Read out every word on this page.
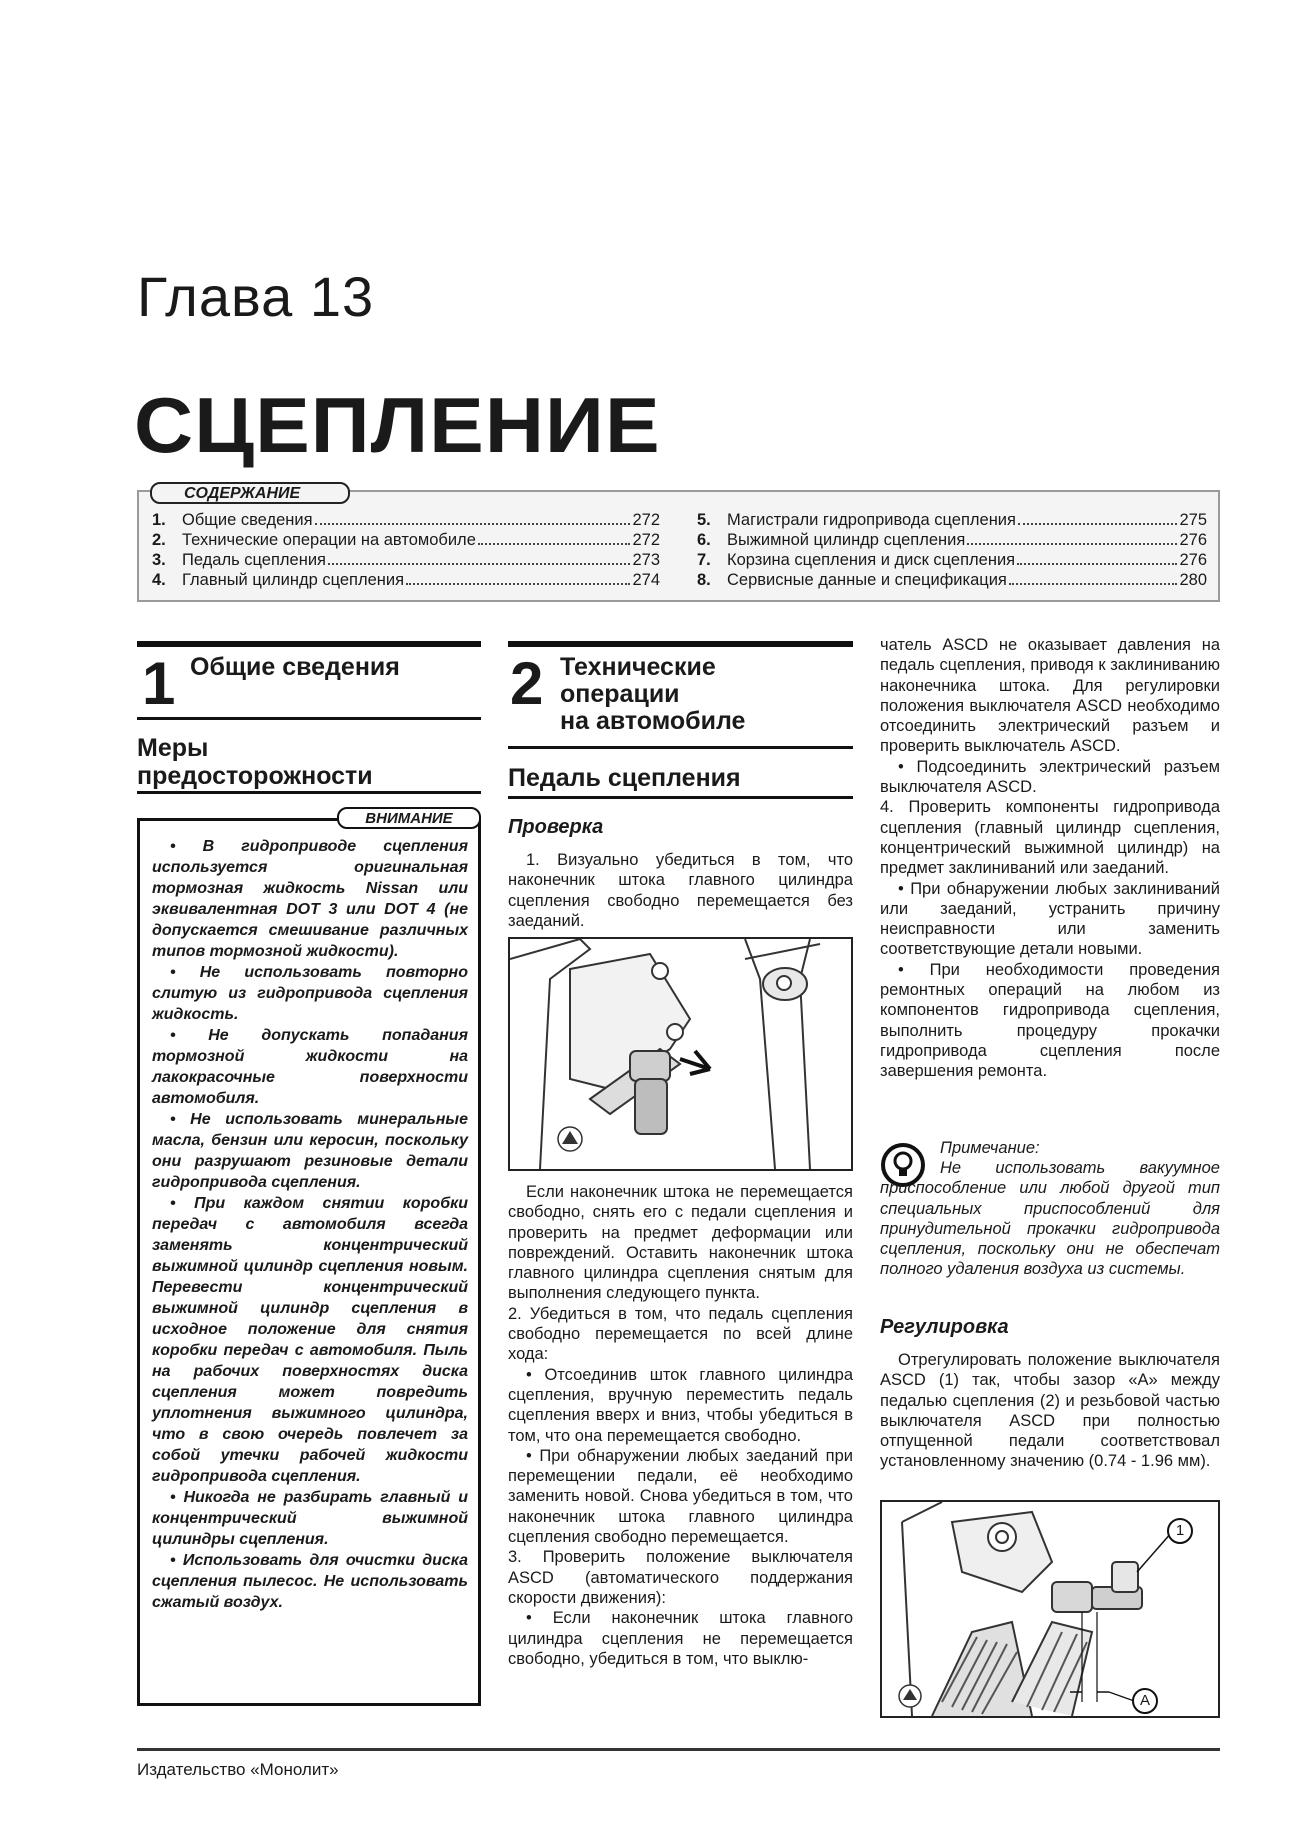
Глава 13
СЦЕПЛЕНИЕ
СОДЕРЖАНИЕ
1. Общие сведения	272
2. Технические операции на автомобиле	272
3. Педаль сцепления	273
4. Главный цилиндр сцепления	274
5. Магистрали гидропривода сцепления	275
6. Выжимной цилиндр сцепления	276
7. Корзина сцепления и диск сцепления	276
8. Сервисные данные и спецификация	280
1 Общие сведения
Меры
предосторожности
ВНИМАНИЕ

• В гидроприводе сцепления используется оригинальная тормозная жидкость Nissan или эквивалентная DOT 3 или DOT 4 (не допускается смешивание различных типов тормозной жидкости).

• Не использовать повторно слитую из гидропривода сцепления жидкость.

• Не допускать попадания тормозной жидкости на лакокрасочные поверхности автомобиля.

• Не использовать минеральные масла, бензин или керосин, поскольку они разрушают резиновые детали гидропривода сцепления.

• При каждом снятии коробки передач с автомобиля всегда заменять концентрический выжимной цилиндр сцепления новым. Перевести концентрический выжимной цилиндр сцепления в исходное положение для снятия коробки передач с автомобиля. Пыль на рабочих поверхностях диска сцепления может повредить уплотнения выжимного цилиндра, что в свою очередь повлечет за собой утечки рабочей жидкости гидропривода сцепления.

• Никогда не разбирать главный и концентрический выжимной цилиндры сцепления.

• Использовать для очистки диска сцепления пылесос. Не использовать сжатый воздух.

2 Технические
операции
на автомобиле
Педаль сцепления
Проверка

1. Визуально убедиться в том, что наконечник штока главного цилиндра сцепления свободно перемещается без заеданий.

Если наконечник штока не перемещается свободно, снять его с педали сцепления и проверить на предмет деформации или повреждений. Оставить наконечник штока главного цилиндра сцепления снятым для выполнения следующего пункта.

2. Убедиться в том, что педаль сцепления свободно перемещается по всей длине хода:

• Отсоединив шток главного цилиндра сцепления, вручную переместить педаль сцепления вверх и вниз, чтобы убедиться в том, что она перемещается свободно.

• При обнаружении любых заеданий при перемещении педали, её необходимо заменить новой. Снова убедиться в том, что наконечник штока главного цилиндра сцепления свободно перемещается.

3. Проверить положение выключателя ASCD (автоматического поддержания скорости движения):

• Если наконечник штока главного цилиндра сцепления не перемещается свободно, убедиться в том, что выклю-

чатель ASCD не оказывает давления на педаль сцепления, приводя к заклиниванию наконечника штока. Для регулировки положения выключателя ASCD необходимо отсоединить электрический разъем и проверить выключатель ASCD.

• Подсоединить электрический разъем выключателя ASCD.

4. Проверить компоненты гидропривода сцепления (главный цилиндр сцепления, концентрический выжимной цилиндр) на предмет заклиниваний или заеданий.

• При обнаружении любых заклиниваний или заеданий, устранить причину неисправности или заменить соответствующие детали новыми.

• При необходимости проведения ремонтных операций на любом из компонентов гидропривода сцепления, выполнить процедуру прокачки гидропривода сцепления после завершения ремонта.

Примечание:
Не использовать вакуумное приспособление или любой другой тип специальных приспособлений для принудительной прокачки гидропривода сцепления, поскольку они не обеспечат полного удаления воздуха из системы.
Регулировка

Отрегулировать положение выключателя ASCD (1) так, чтобы зазор «А» между педалью сцепления (2) и резьбовой частью выключателя ASCD при полностью отпущенной педали соответствовал установленному значению (0.74 - 1.96 мм).

1
A
Издательство «Монолит»
